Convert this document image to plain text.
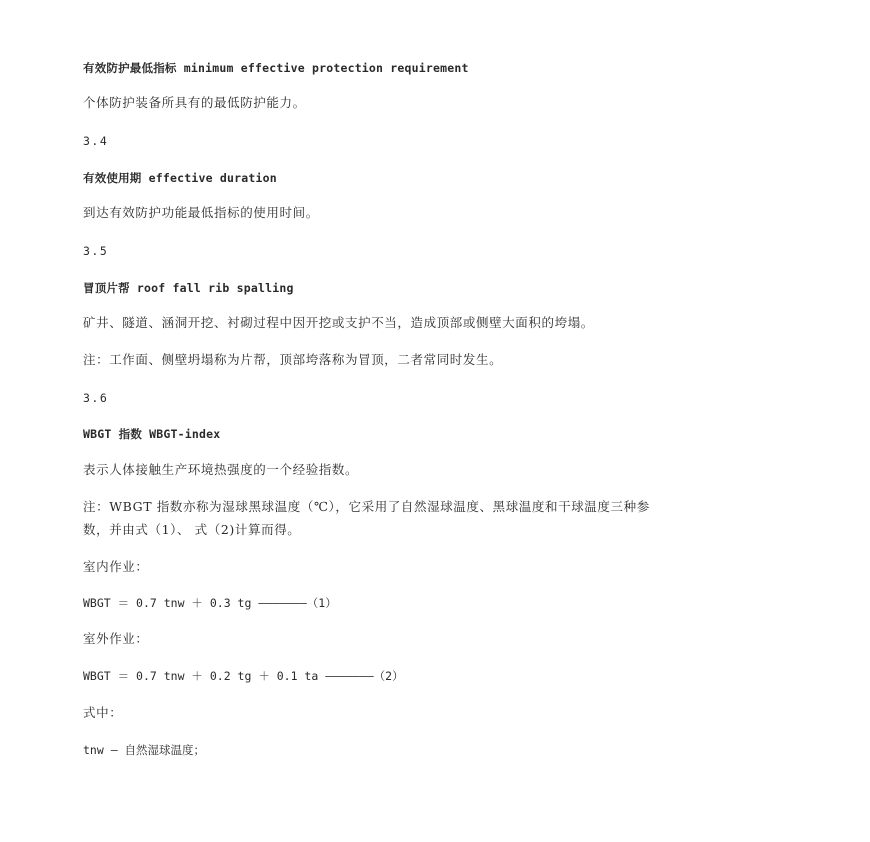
有效防护最低指标 minimum effective protection requirement

个体防护装备所具有的最低防护能力。

3.4

有效使用期 effective duration

到达有效防护功能最低指标的使用时间。

3.5

冒顶片帮 roof fall rib spalling

矿井、隧道、涵洞开挖、衬砌过程中因开挖或支护不当，造成顶部或侧壁大面积的垮塌。

注：工作面、侧壁坍塌称为片帮，顶部垮落称为冒顶，二者常同时发生。

3.6

WBGT 指数 WBGT-index

表示人体接触生产环境热强度的一个经验指数。

注：WBGT 指数亦称为湿球黑球温度（℃），它采用了自然湿球温度、黑球温度和干球温度三种参

数，并由式（1）、 式（2)计算而得。

室内作业：

WBGT ＝ 0.7 tnw ＋ 0.3 tg ———————（1）

室外作业：

WBGT ＝ 0.7 tnw ＋ 0.2 tg ＋ 0.1 ta ———————（2）

式中：

tnw — 自然湿球温度；
